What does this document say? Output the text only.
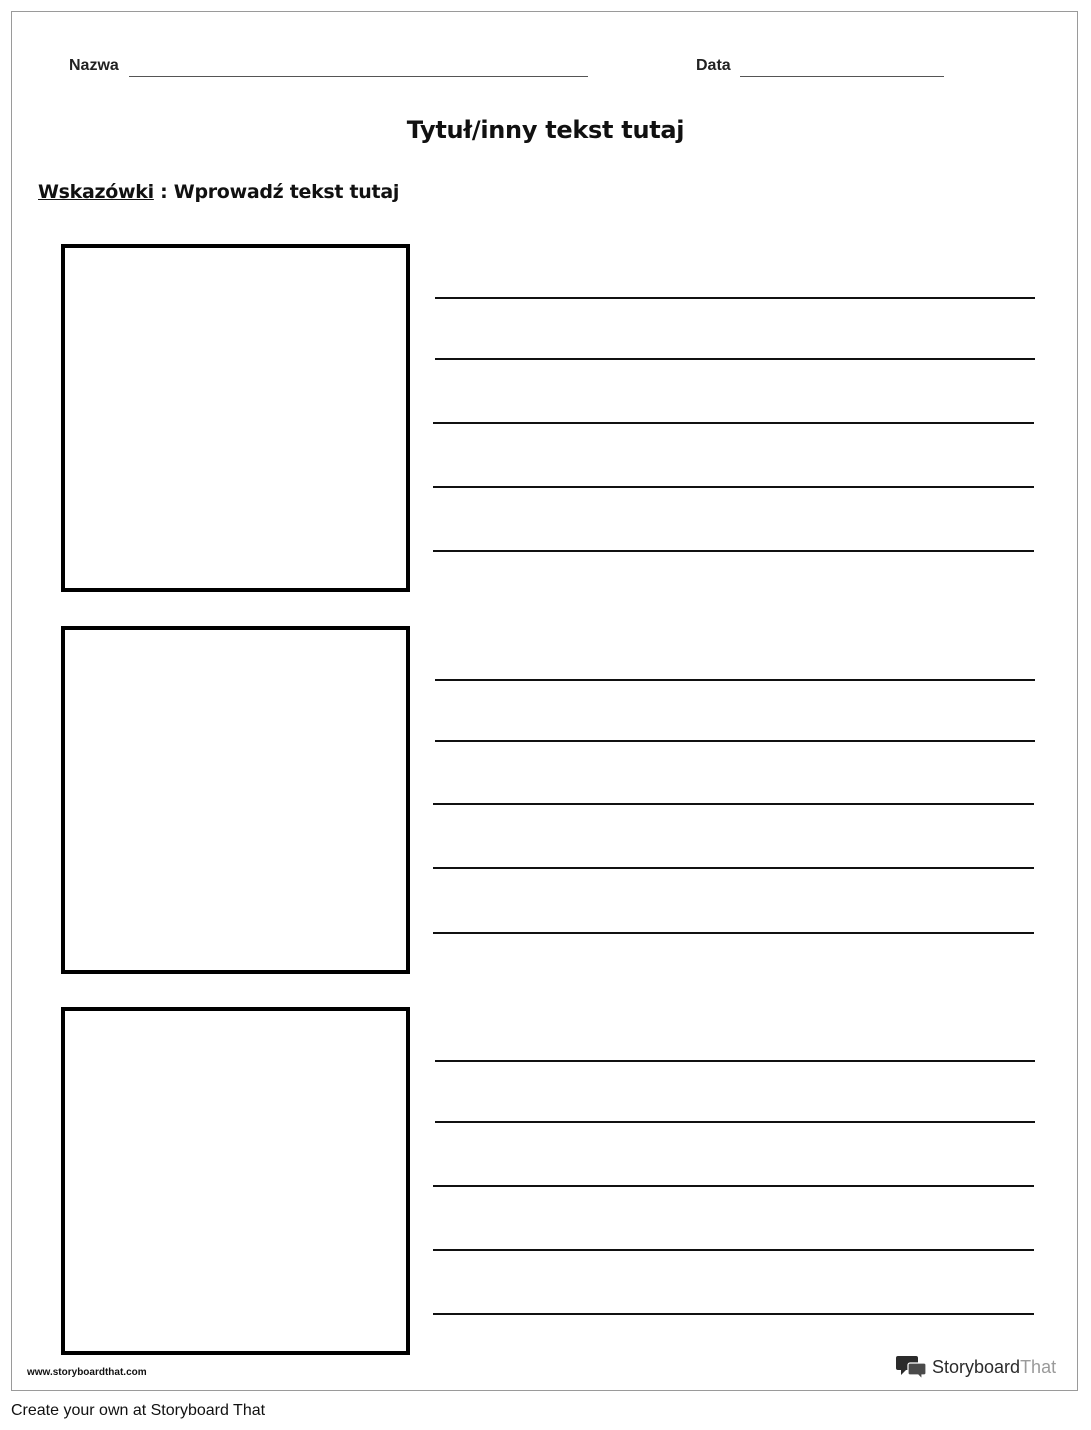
Nazwa	Data
Tytuł/inny tekst tutaj
Wskazówki : Wprowadź tekst tutaj
www.storyboardthat.com	Storyboard That
Create your own at Storyboard That
